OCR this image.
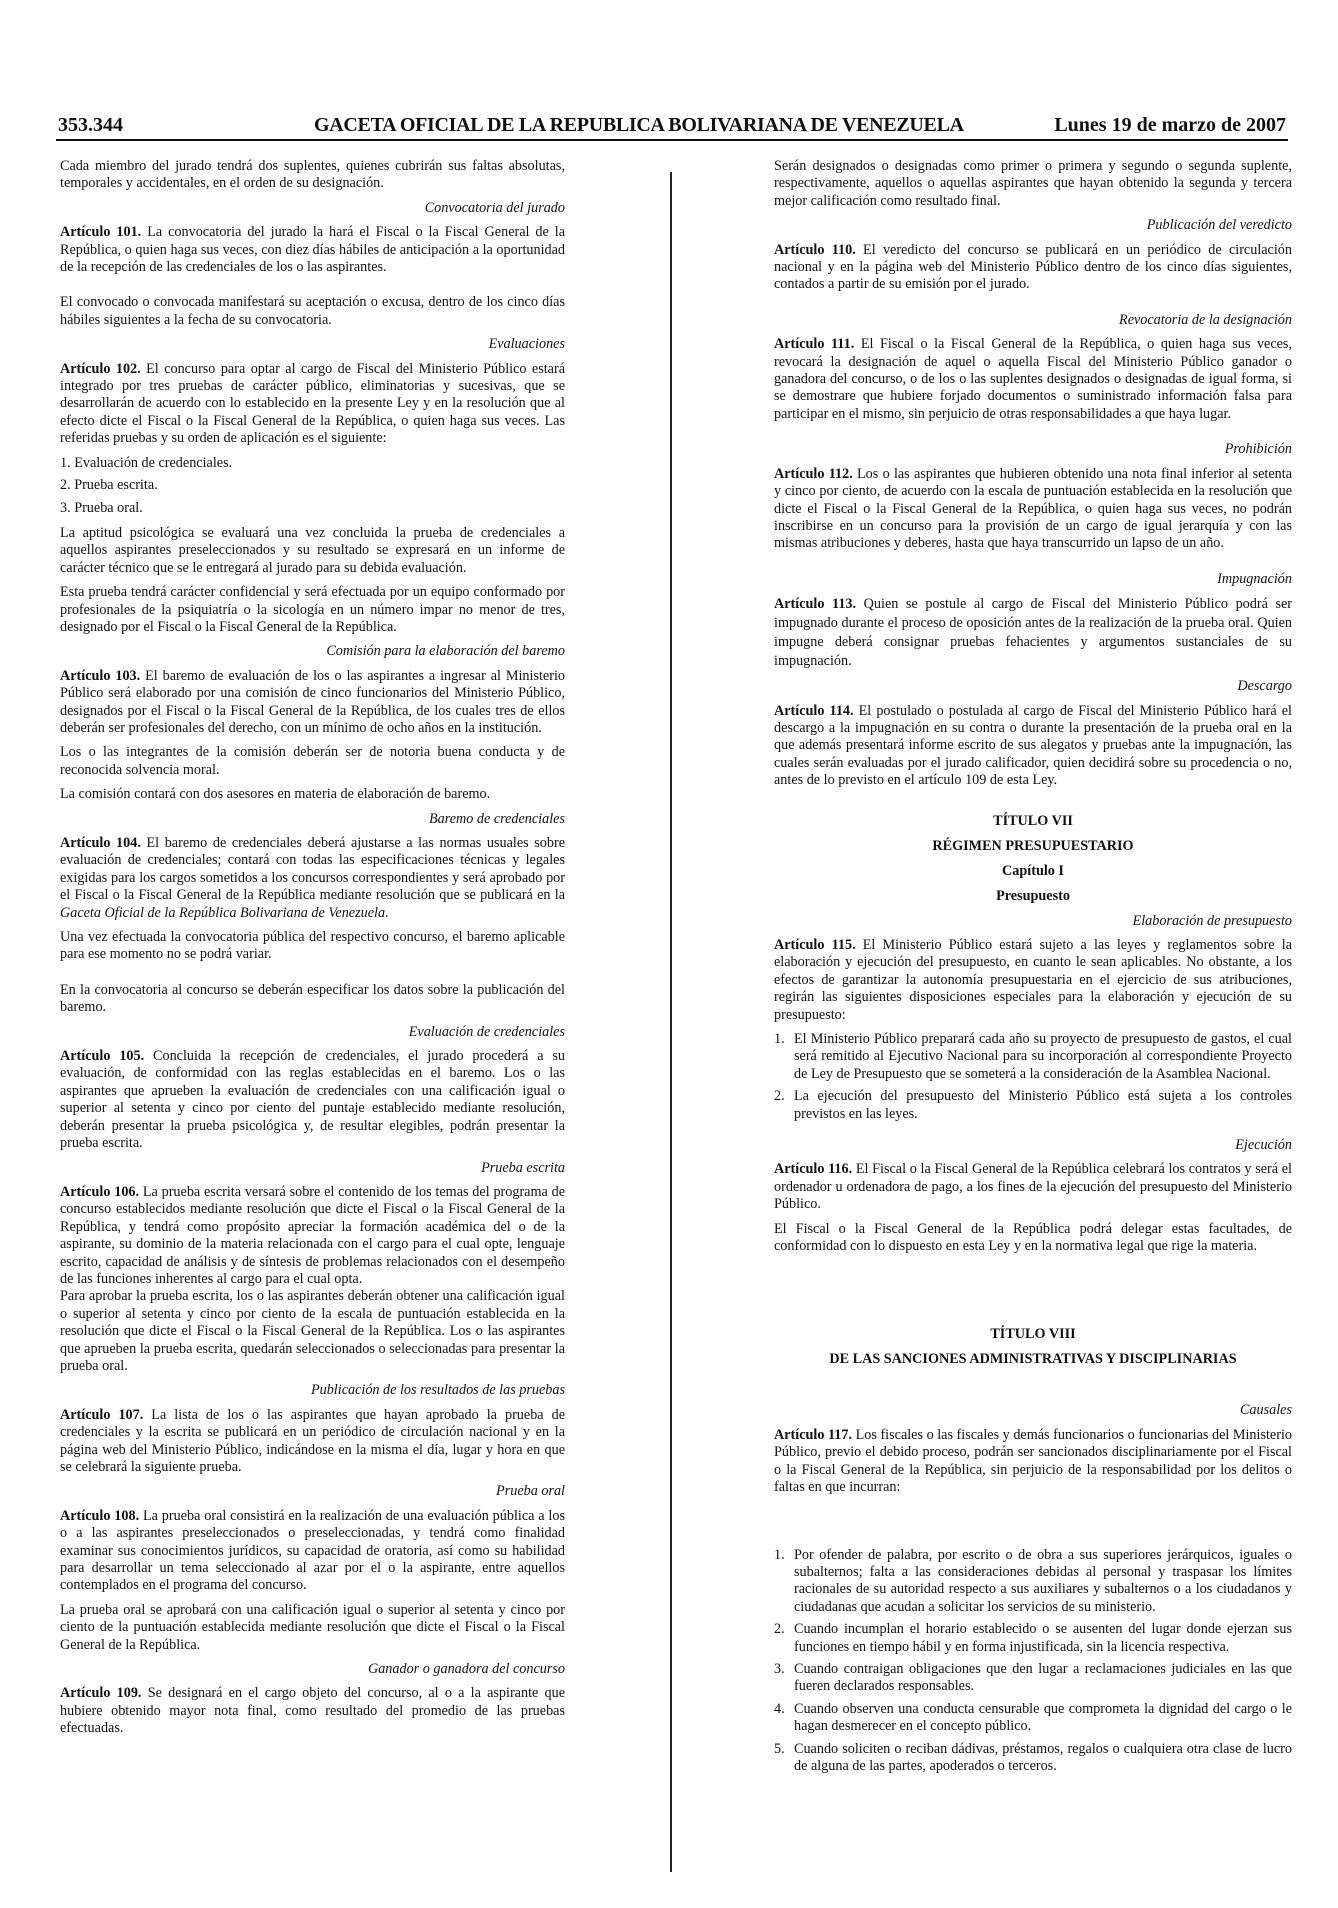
353.344	GACETA OFICIAL DE LA REPUBLICA BOLIVARIANA DE VENEZUELA	Lunes 19 de marzo de 2007

Cada miembro del jurado tendrá dos suplentes, quienes cubrirán sus faltas absolutas, temporales y accidentales, en el orden de su designación.

Convocatoria del jurado

Artículo 101. La convocatoria del jurado la hará el Fiscal o la Fiscal General de la República, o quien haga sus veces, con diez días hábiles de anticipación a la oportunidad de la recepción de las credenciales de los o las aspirantes.

El convocado o convocada manifestará su aceptación o excusa, dentro de los cinco días hábiles siguientes a la fecha de su convocatoria.

Evaluaciones

Artículo 102. El concurso para optar al cargo de Fiscal del Ministerio Público estará integrado por tres pruebas de carácter público, eliminatorias y sucesivas, que se desarrollarán de acuerdo con lo establecido en la presente Ley y en la resolución que al efecto dicte el Fiscal o la Fiscal General de la República, o quien haga sus veces. Las referidas pruebas y su orden de aplicación es el siguiente:

1. Evaluación de credenciales.
2. Prueba escrita.
3. Prueba oral.

La aptitud psicológica se evaluará una vez concluida la prueba de credenciales a aquellos aspirantes preseleccionados y su resultado se expresará en un informe de carácter técnico que se le entregará al jurado para su debida evaluación.

Esta prueba tendrá carácter confidencial y será efectuada por un equipo conformado por profesionales de la psiquiatría o la sicología en un número impar no menor de tres, designado por el Fiscal o la Fiscal General de la República.

Comisión para la elaboración del baremo

Artículo 103. El baremo de evaluación de los o las aspirantes a ingresar al Ministerio Público será elaborado por una comisión de cinco funcionarios del Ministerio Público, designados por el Fiscal o la Fiscal General de la República, de los cuales tres de ellos deberán ser profesionales del derecho, con un mínimo de ocho años en la institución.

Los o las integrantes de la comisión deberán ser de notoria buena conducta y de reconocida solvencia moral.

La comisión contará con dos asesores en materia de elaboración de baremo.

Baremo de credenciales

Artículo 104. El baremo de credenciales deberá ajustarse a las normas usuales sobre evaluación de credenciales; contará con todas las especificaciones técnicas y legales exigidas para los cargos sometidos a los concursos correspondientes y será aprobado por el Fiscal o la Fiscal General de la República mediante resolución que se publicará en la Gaceta Oficial de la República Bolivariana de Venezuela.

Una vez efectuada la convocatoria pública del respectivo concurso, el baremo aplicable para ese momento no se podrá variar.

En la convocatoria al concurso se deberán especificar los datos sobre la publicación del baremo.

Evaluación de credenciales

Artículo 105. Concluida la recepción de credenciales, el jurado procederá a su evaluación, de conformidad con las reglas establecidas en el baremo. Los o las aspirantes que aprueben la evaluación de credenciales con una calificación igual o superior al setenta y cinco por ciento del puntaje establecido mediante resolución, deberán presentar la prueba psicológica y, de resultar elegibles, podrán presentar la prueba escrita.

Prueba escrita

Artículo 106. La prueba escrita versará sobre el contenido de los temas del programa de concurso establecidos mediante resolución que dicte el Fiscal o la Fiscal General de la República, y tendrá como propósito apreciar la formación académica del o de la aspirante, su dominio de la materia relacionada con el cargo para el cual opte, lenguaje escrito, capacidad de análisis y de síntesis de problemas relacionados con el desempeño de las funciones inherentes al cargo para el cual opta.

Para aprobar la prueba escrita, los o las aspirantes deberán obtener una calificación igual o superior al setenta y cinco por ciento de la escala de puntuación establecida en la resolución que dicte el Fiscal o la Fiscal General de la República. Los o las aspirantes que aprueben la prueba escrita, quedarán seleccionados o seleccionadas para presentar la prueba oral.

Publicación de los resultados de las pruebas

Artículo 107. La lista de los o las aspirantes que hayan aprobado la prueba de credenciales y la escrita se publicará en un periódico de circulación nacional y en la página web del Ministerio Público, indicándose en la misma el día, lugar y hora en que se celebrará la siguiente prueba.

Prueba oral

Artículo 108. La prueba oral consistirá en la realización de una evaluación pública a los o a las aspirantes preseleccionados o preseleccionadas, y tendrá como finalidad examinar sus conocimientos jurídicos, su capacidad de oratoria, así como su habilidad para desarrollar un tema seleccionado al azar por el o la aspirante, entre aquellos contemplados en el programa del concurso.

La prueba oral se aprobará con una calificación igual o superior al setenta y cinco por ciento de la puntuación establecida mediante resolución que dicte el Fiscal o la Fiscal General de la República.

Ganador o ganadora del concurso

Artículo 109. Se designará en el cargo objeto del concurso, al o a la aspirante que hubiere obtenido mayor nota final, como resultado del promedio de las pruebas efectuadas.

Serán designados o designadas como primer o primera y segundo o segunda suplente, respectivamente, aquellos o aquellas aspirantes que hayan obtenido la segunda y tercera mejor calificación como resultado final.

Publicación del veredicto

Artículo 110. El veredicto del concurso se publicará en un periódico de circulación nacional y en la página web del Ministerio Público dentro de los cinco días siguientes, contados a partir de su emisión por el jurado.

Revocatoria de la designación

Artículo 111. El Fiscal o la Fiscal General de la República, o quien haga sus veces, revocará la designación de aquel o aquella Fiscal del Ministerio Público ganador o ganadora del concurso, o de los o las suplentes designados o designadas de igual forma, si se demostrare que hubiere forjado documentos o suministrado información falsa para participar en el mismo, sin perjuicio de otras responsabilidades a que haya lugar.

Prohibición

Artículo 112. Los o las aspirantes que hubieren obtenido una nota final inferior al setenta y cinco por ciento, de acuerdo con la escala de puntuación establecida en la resolución que dicte el Fiscal o la Fiscal General de la República, o quien haga sus veces, no podrán inscribirse en un concurso para la provisión de un cargo de igual jerarquía y con las mismas atribuciones y deberes, hasta que haya transcurrido un lapso de un año.

Impugnación

Artículo 113. Quien se postule al cargo de Fiscal del Ministerio Público podrá ser impugnado durante el proceso de oposición antes de la realización de la prueba oral. Quien impugne deberá consignar pruebas fehacientes y argumentos sustanciales de su impugnación.

Descargo

Artículo 114. El postulado o postulada al cargo de Fiscal del Ministerio Público hará el descargo a la impugnación en su contra o durante la presentación de la prueba oral en la que además presentará informe escrito de sus alegatos y pruebas ante la impugnación, las cuales serán evaluadas por el jurado calificador, quien decidirá sobre su procedencia o no, antes de lo previsto en el artículo 109 de esta Ley.

TÍTULO VII

RÉGIMEN PRESUPUESTARIO

Capítulo I

Presupuesto

Elaboración de presupuesto

Artículo 115. El Ministerio Público estará sujeto a las leyes y reglamentos sobre la elaboración y ejecución del presupuesto, en cuanto le sean aplicables. No obstante, a los efectos de garantizar la autonomía presupuestaria en el ejercicio de sus atribuciones, regirán las siguientes disposiciones especiales para la elaboración y ejecución de su presupuesto:

1. El Ministerio Público preparará cada año su proyecto de presupuesto de gastos, el cual será remitido al Ejecutivo Nacional para su incorporación al correspondiente Proyecto de Ley de Presupuesto que se someterá a la consideración de la Asamblea Nacional.
2. La ejecución del presupuesto del Ministerio Público está sujeta a los controles previstos en las leyes.

Ejecución

Artículo 116. El Fiscal o la Fiscal General de la República celebrará los contratos y será el ordenador u ordenadora de pago, a los fines de la ejecución del presupuesto del Ministerio Público.

El Fiscal o la Fiscal General de la República podrá delegar estas facultades, de conformidad con lo dispuesto en esta Ley y en la normativa legal que rige la materia.

TÍTULO VIII

DE LAS SANCIONES ADMINISTRATIVAS Y DISCIPLINARIAS

Causales

Artículo 117. Los fiscales o las fiscales y demás funcionarios o funcionarias del Ministerio Público, previo el debido proceso, podrán ser sancionados disciplinariamente por el Fiscal o la Fiscal General de la República, sin perjuicio de la responsabilidad por los delitos o faltas en que incurran:

1. Por ofender de palabra, por escrito o de obra a sus superiores jerárquicos, iguales o subalternos; falta a las consideraciones debidas al personal y traspasar los límites racionales de su autoridad respecto a sus auxiliares y subalternos o a los ciudadanos y ciudadanas que acudan a solicitar los servicios de su ministerio.
2. Cuando incumplan el horario establecido o se ausenten del lugar donde ejerzan sus funciones en tiempo hábil y en forma injustificada, sin la licencia respectiva.
3. Cuando contraigan obligaciones que den lugar a reclamaciones judiciales en las que fueren declarados responsables.
4. Cuando observen una conducta censurable que comprometa la dignidad del cargo o le hagan desmerecer en el concepto público.
5. Cuando soliciten o reciban dádivas, préstamos, regalos o cualquiera otra clase de lucro de alguna de las partes, apoderados o terceros.
